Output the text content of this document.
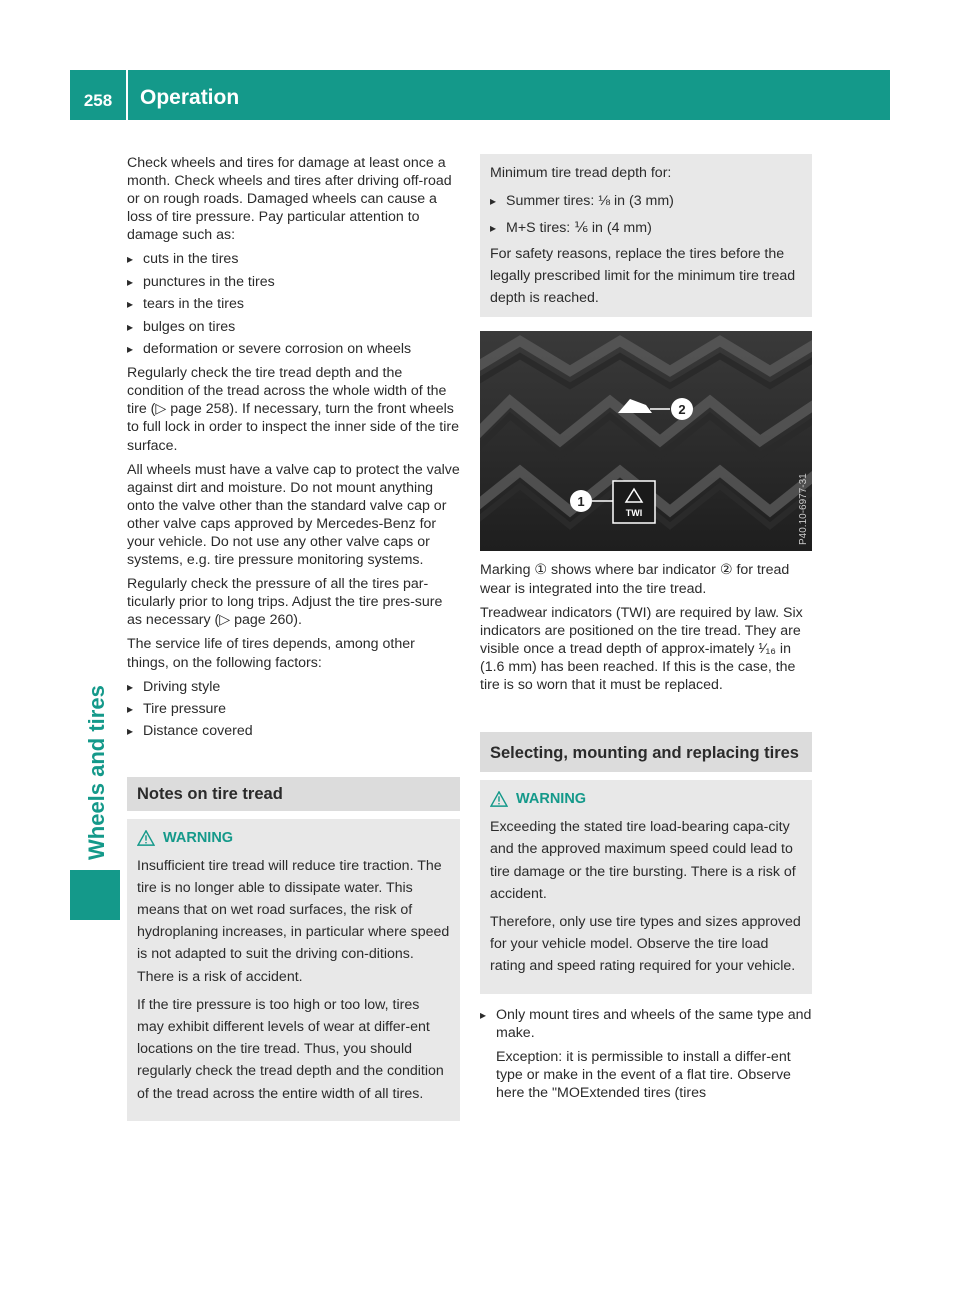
258	Operation
Wheels and tires

Check wheels and tires for damage at least once a month. Check wheels and tires after driving off-road or on rough roads. Damaged wheels can cause a loss of tire pressure. Pay particular attention to damage such as:

▸ cuts in the tires
▸ punctures in the tires
▸ tears in the tires
▸ bulges on tires
▸ deformation or severe corrosion on wheels

Regularly check the tire tread depth and the condition of the tread across the whole width of the tire (▷ page 258). If necessary, turn the front wheels to full lock in order to inspect the inner side of the tire surface.

All wheels must have a valve cap to protect the valve against dirt and moisture. Do not mount anything onto the valve other than the standard valve cap or other valve caps approved by Mercedes-Benz for your vehicle. Do not use any other valve caps or systems, e.g. tire pressure monitoring systems.

Regularly check the pressure of all the tires par-ticularly prior to long trips. Adjust the tire pres-sure as necessary (▷ page 260).

The service life of tires depends, among other things, on the following factors:

▸ Driving style
▸ Tire pressure
▸ Distance covered
Notes on tire tread
WARNING
Insufficient tire tread will reduce tire traction. The tire is no longer able to dissipate water. This means that on wet road surfaces, the risk of hydroplaning increases, in particular where speed is not adapted to suit the driving con-ditions. There is a risk of accident.
If the tire pressure is too high or too low, tires may exhibit different levels of wear at differ-ent locations on the tire tread. Thus, you should regularly check the tread depth and the condition of the tread across the entire width of all tires.
Minimum tire tread depth for:
▸ Summer tires: ⅛ in (3 mm)
▸ M+S tires: ⅙ in (4 mm)
For safety reasons, replace the tires before the legally prescribed limit for the minimum tire tread depth is reached.
2
TWI
1	P40.10-6977-31

Marking ① shows where bar indicator ② for tread wear is integrated into the tire tread.

Treadwear indicators (TWI) are required by law. Six indicators are positioned on the tire tread. They are visible once a tread depth of approx-imately ¹⁄₁₆ in (1.6 mm) has been reached. If this is the case, the tire is so worn that it must be replaced.

Selecting, mounting and replacing tires
WARNING
Exceeding the stated tire load-bearing capa-city and the approved maximum speed could lead to tire damage or the tire bursting. There is a risk of accident.
Therefore, only use tire types and sizes approved for your vehicle model. Observe the tire load rating and speed rating required for your vehicle.
▸ Only mount tires and wheels of the same type and make.
Exception: it is permissible to install a differ-ent type or make in the event of a flat tire. Observe here the "MOExtended tires (tires
